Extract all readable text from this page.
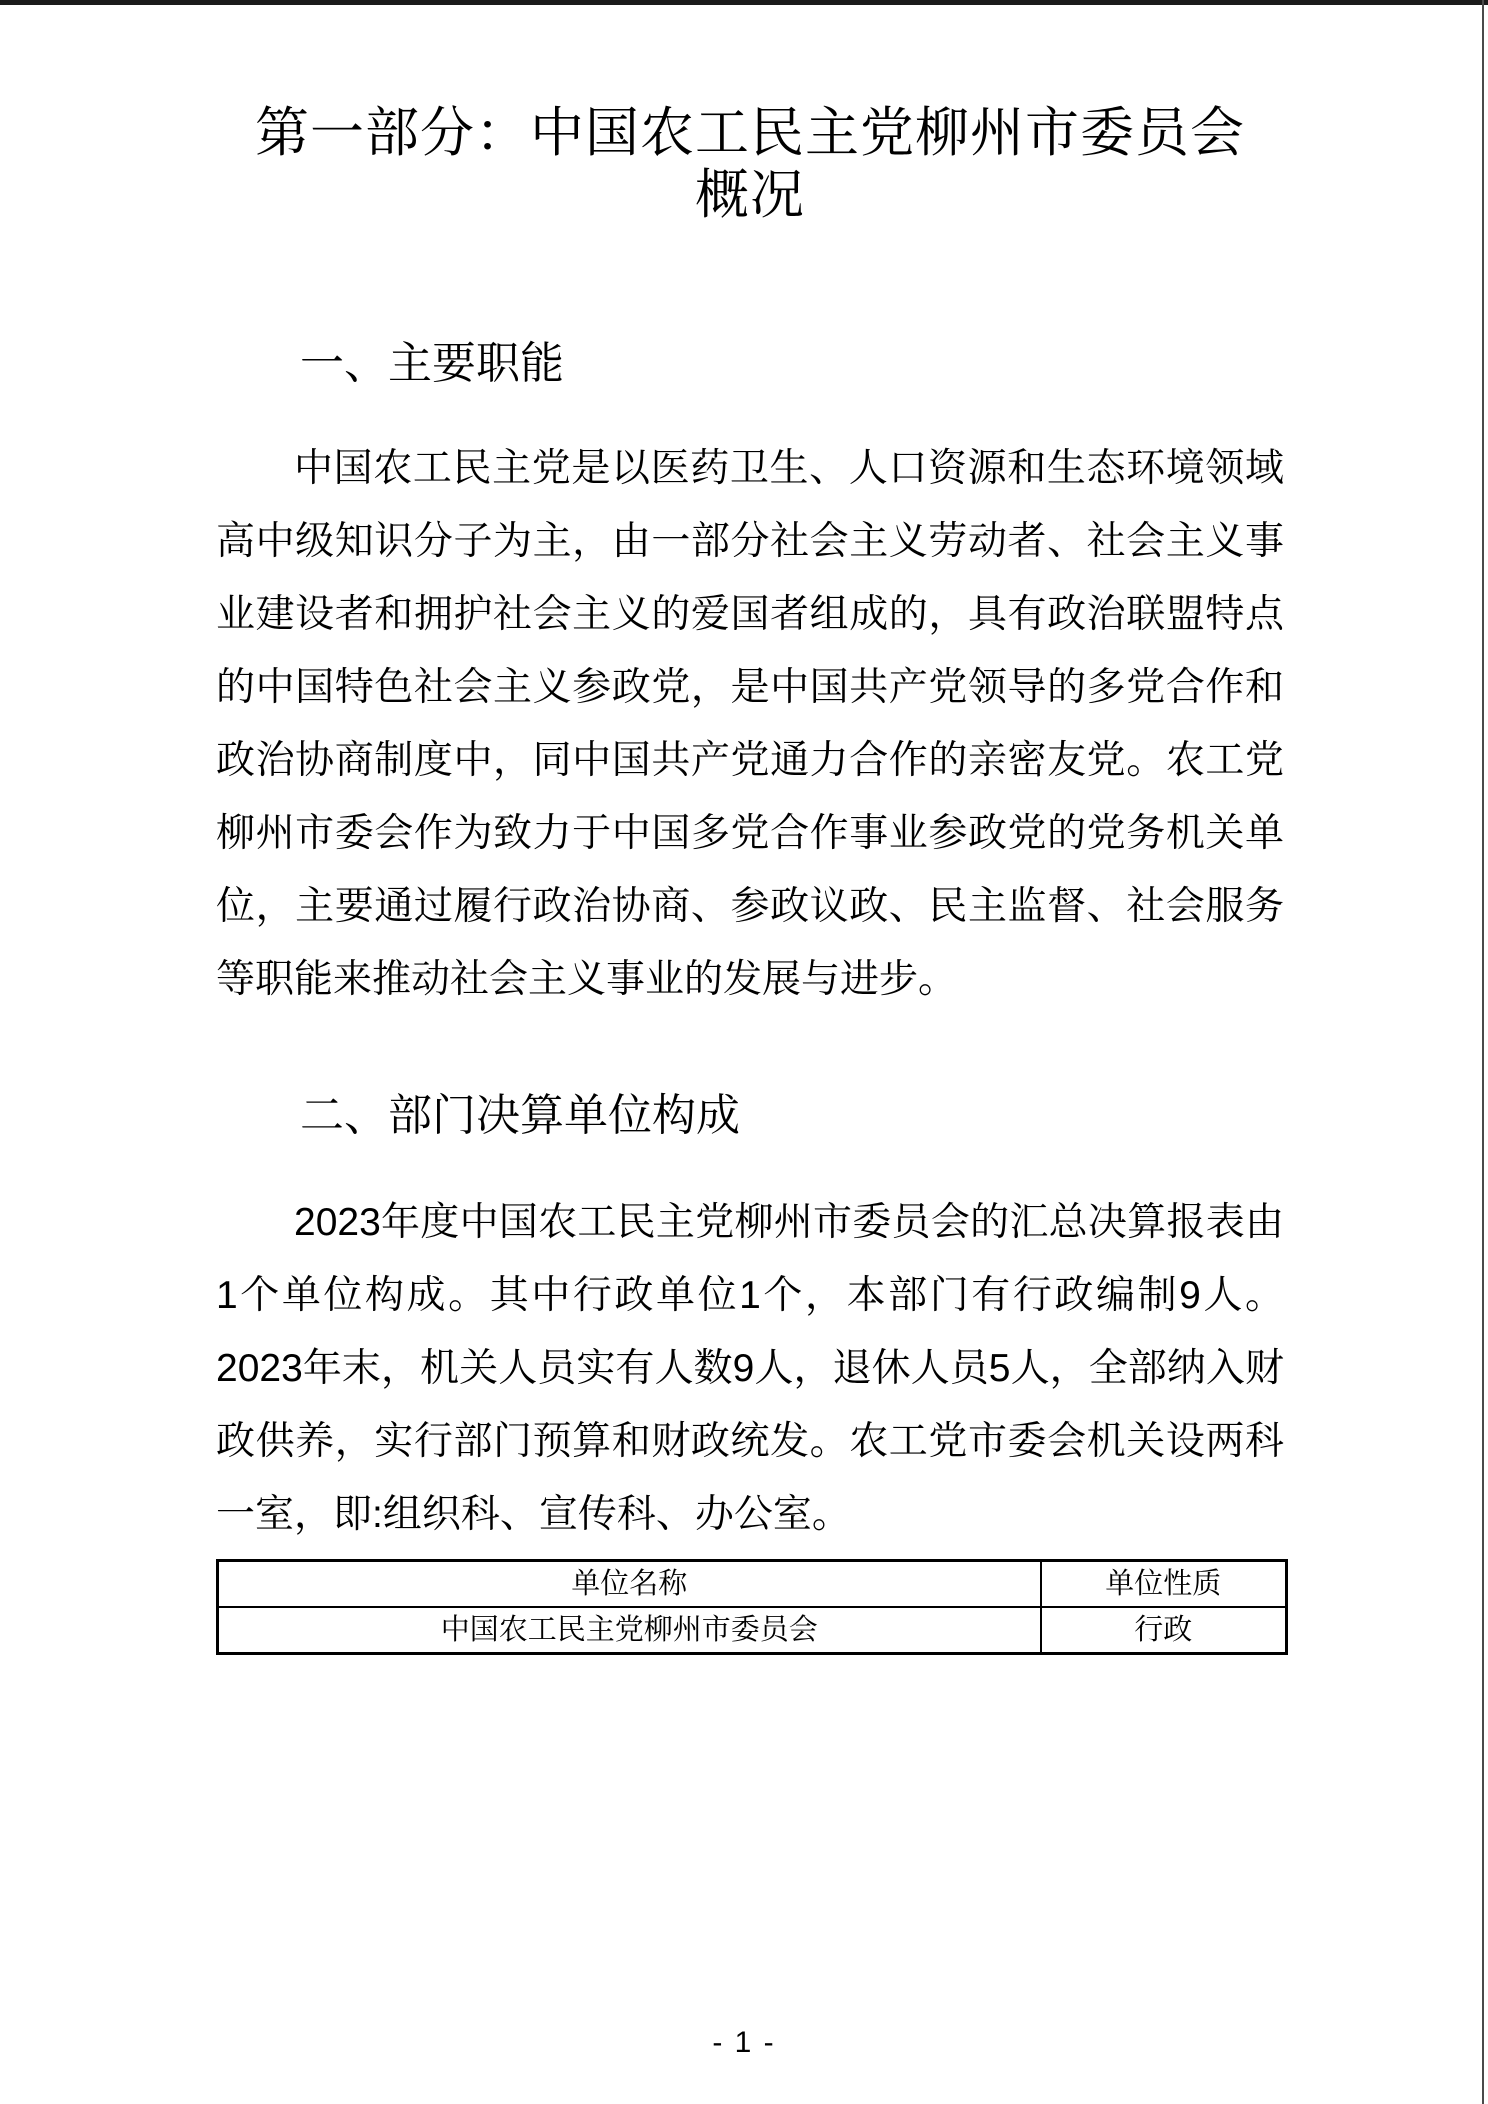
第一部分：中国农工民主党柳州市委员会概况
一、主要职能

中国农工民主党是以医药卫生、人口资源和生态环境领域高中级知识分子为主，由一部分社会主义劳动者、社会主义事业建设者和拥护社会主义的爱国者组成的，具有政治联盟特点的中国特色社会主义参政党，是中国共产党领导的多党合作和政治协商制度中，同中国共产党通力合作的亲密友党。农工党柳州市委会作为致力于中国多党合作事业参政党的党务机关单位，主要通过履行政治协商、参政议政、民主监督、社会服务等职能来推动社会主义事业的发展与进步。

二、部门决算单位构成

2023年度中国农工民主党柳州市委员会的汇总决算报表由1个单位构成。其中行政单位1个，本部门有行政编制9人。2023年末，机关人员实有人数9人，退休人员5人，全部纳入财政供养，实行部门预算和财政统发。农工党市委会机关设两科一室，即:组织科、宣传科、办公室。

单位名称	单位性质
中国农工民主党柳州市委员会	行政
- 1 -
